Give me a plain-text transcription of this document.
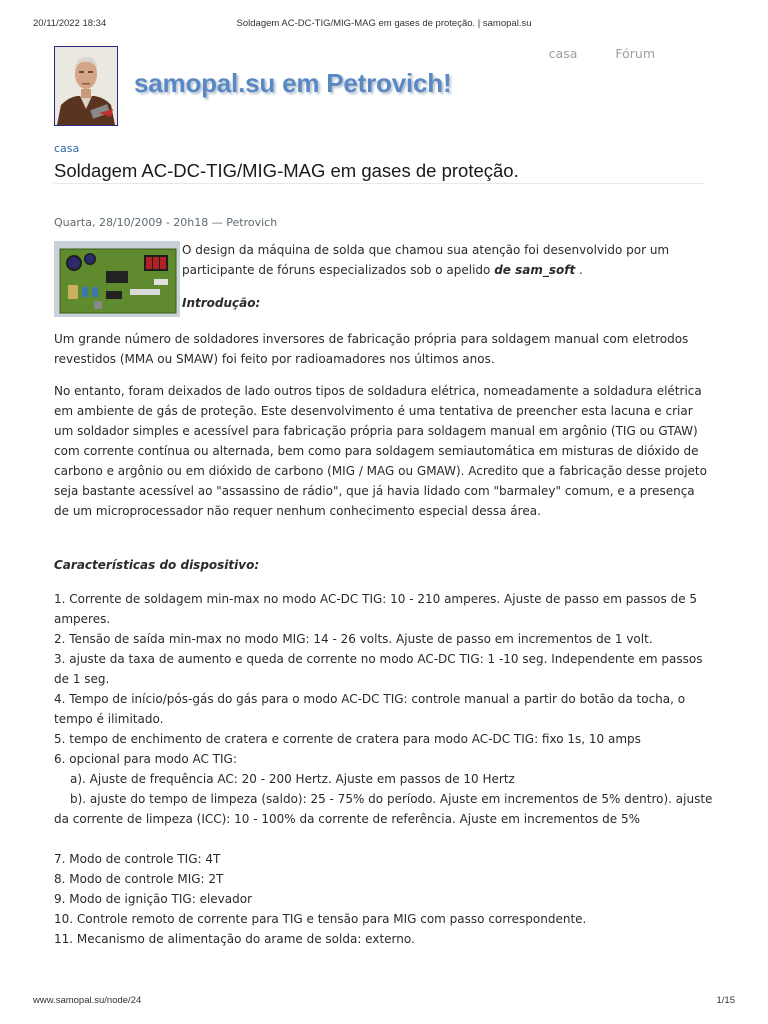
20/11/2022 18:34	Soldagem AC-DC-TIG/MIG-MAG em gases de proteção. | samopal.su
samopal.su em Petrovich!
casa	Fórum
casa
Soldagem AC-DC-TIG/MIG-MAG em gases de proteção.
Quarta, 28/10/2009 - 20h18 — Petrovich

O design da máquina de solda que chamou sua atenção foi desenvolvido por um participante de fóruns especializados sob o apelido de sam_soft .

Introdução:

Um grande número de soldadores inversores de fabricação própria para soldagem manual com eletrodos revestidos (MMA ou SMAW) foi feito por radioamadores nos últimos anos.

No entanto, foram deixados de lado outros tipos de soldadura elétrica, nomeadamente a soldadura elétrica em ambiente de gás de proteção. Este desenvolvimento é uma tentativa de preencher esta lacuna e criar um soldador simples e acessível para fabricação própria para soldagem manual em argônio (TIG ou GTAW) com corrente contínua ou alternada, bem como para soldagem semiautomática em misturas de dióxido de carbono e argônio ou em dióxido de carbono (MIG / MAG ou GMAW). Acredito que a fabricação desse projeto seja bastante acessível ao "assassino de rádio", que já havia lidado com "barmaley" comum, e a presença de um microprocessador não requer nenhum conhecimento especial dessa área.

Características do dispositivo:

1. Corrente de soldagem min-max no modo AC-DC TIG: 10 - 210 amperes. Ajuste de passo em passos de 5 amperes.
2. Tensão de saída min-max no modo MIG: 14 - 26 volts. Ajuste de passo em incrementos de 1 volt.
3. ajuste da taxa de aumento e queda de corrente no modo AC-DC TIG: 1 -10 seg. Independente em passos de 1 seg.
4. Tempo de início/pós-gás do gás para o modo AC-DC TIG: controle manual a partir do botão da tocha, o tempo é ilimitado.
5. tempo de enchimento de cratera e corrente de cratera para modo AC-DC TIG: fixo 1s, 10 amps
6. opcional para modo AC TIG:
a). Ajuste de frequência AC: 20 - 200 Hertz. Ajuste em passos de 10 Hertz
b). ajuste do tempo de limpeza (saldo): 25 - 75% do período. Ajuste em incrementos de 5% dentro). ajuste da corrente de limpeza (ICC): 10 - 100% da corrente de referência. Ajuste em incrementos de 5%
7. Modo de controle TIG: 4T
8. Modo de controle MIG: 2T
9. Modo de ignição TIG: elevador
10. Controle remoto de corrente para TIG e tensão para MIG com passo correspondente.
11. Mecanismo de alimentação do arame de solda: externo.
www.samopal.su/node/24	1/15
